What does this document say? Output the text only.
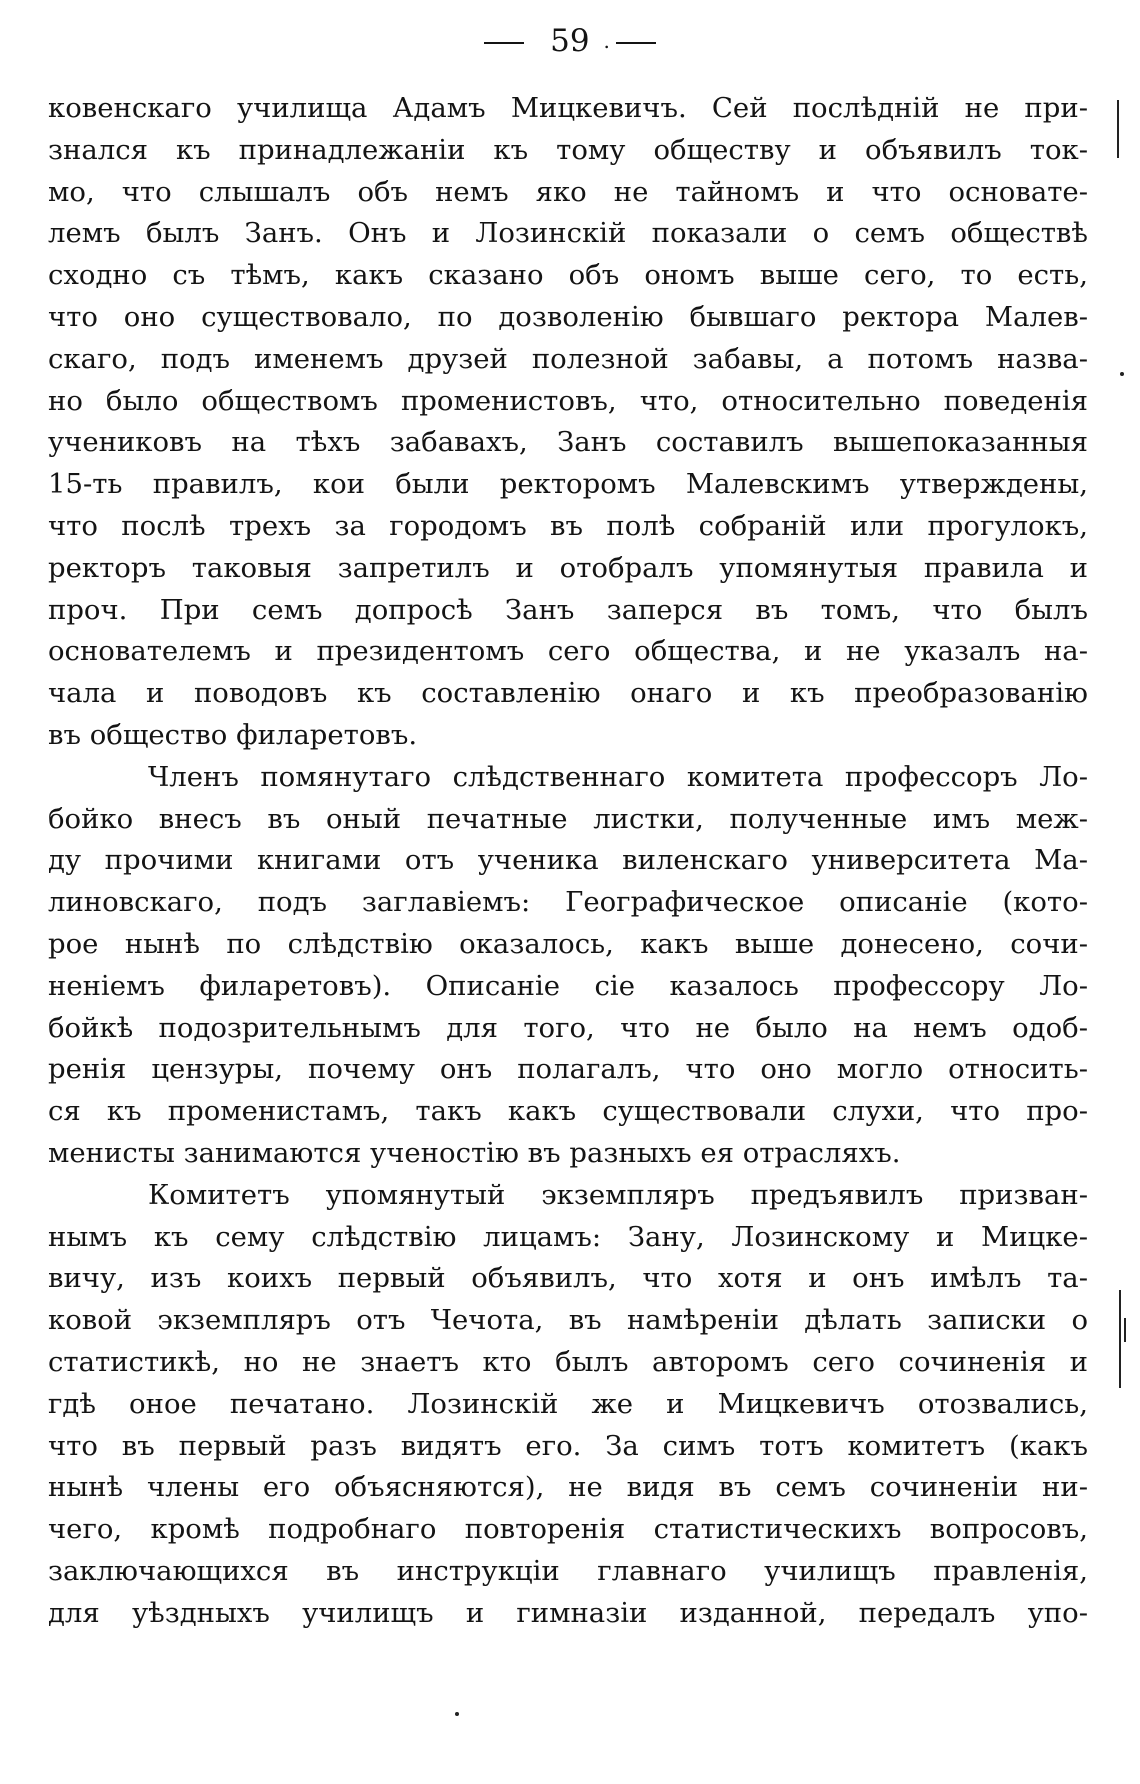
59 .
ковенскаго училища Адамъ Мицкевичъ. Сей послѣдній не при-
знался къ принадлежаніи къ тому обществу и объявилъ ток-
мо, что слышалъ объ немъ яко не тайномъ и что основате-
лемъ былъ Занъ. Онъ и Лозинскій показали о семъ обществѣ
сходно съ тѣмъ, какъ сказано объ ономъ выше сего, то есть,
что оно существовало, по дозволенію бывшаго ректора Малев-
скаго, подъ именемъ друзей полезной забавы, а потомъ назва-
но было обществомъ променистовъ, что, относительно поведенія
учениковъ на тѣхъ забавахъ, Занъ составилъ вышепоказанныя
15-ть правилъ, кои были ректоромъ Малевскимъ утверждены,
что послѣ трехъ за городомъ въ полѣ собраній или прогулокъ,
ректоръ таковыя запретилъ и отобралъ упомянутыя правила и
проч. При семъ допросѣ Занъ заперся въ томъ, что былъ
основателемъ и президентомъ сего общества, и не указалъ на-
чала и поводовъ къ составленію онаго и къ преобразованію
въ общество филаретовъ.
Членъ помянутаго слѣдственнаго комитета профессоръ Ло-
бойко внесъ въ оный печатные листки, полученные имъ меж-
ду прочими книгами отъ ученика виленскаго университета Ма-
линовскаго, подъ заглавіемъ: Географическое описаніе (кото-
рое нынѣ по слѣдствію оказалось, какъ выше донесено, сочи-
неніемъ филаретовъ). Описаніе сіе казалось профессору Ло-
бойкѣ подозрительнымъ для того, что не было на немъ одоб-
ренія цензуры, почему онъ полагалъ, что оно могло относить-
ся къ променистамъ, такъ какъ существовали слухи, что про-
менисты занимаются ученостію въ разныхъ ея отрасляхъ.
Комитетъ упомянутый экземпляръ предъявилъ призван-
нымъ къ сему слѣдствію лицамъ: Зану, Лозинскому и Мицке-
вичу, изъ коихъ первый объявилъ, что хотя и онъ имѣлъ та-
ковой экземпляръ отъ Чечота, въ намѣреніи дѣлать записки о
статистикѣ, но не знаетъ кто былъ авторомъ сего сочиненія и
гдѣ оное печатано. Лозинскій же и Мицкевичъ отозвались,
что въ первый разъ видятъ его. За симъ тотъ комитетъ (какъ
нынѣ члены его объясняются), не видя въ семъ сочиненіи ни-
чего, кромѣ подробнаго повторенія статистическихъ вопросовъ,
заключающихся въ инструкціи главнаго училищъ правленія,
для уѣздныхъ училищъ и гимназіи изданной, передалъ упо-
